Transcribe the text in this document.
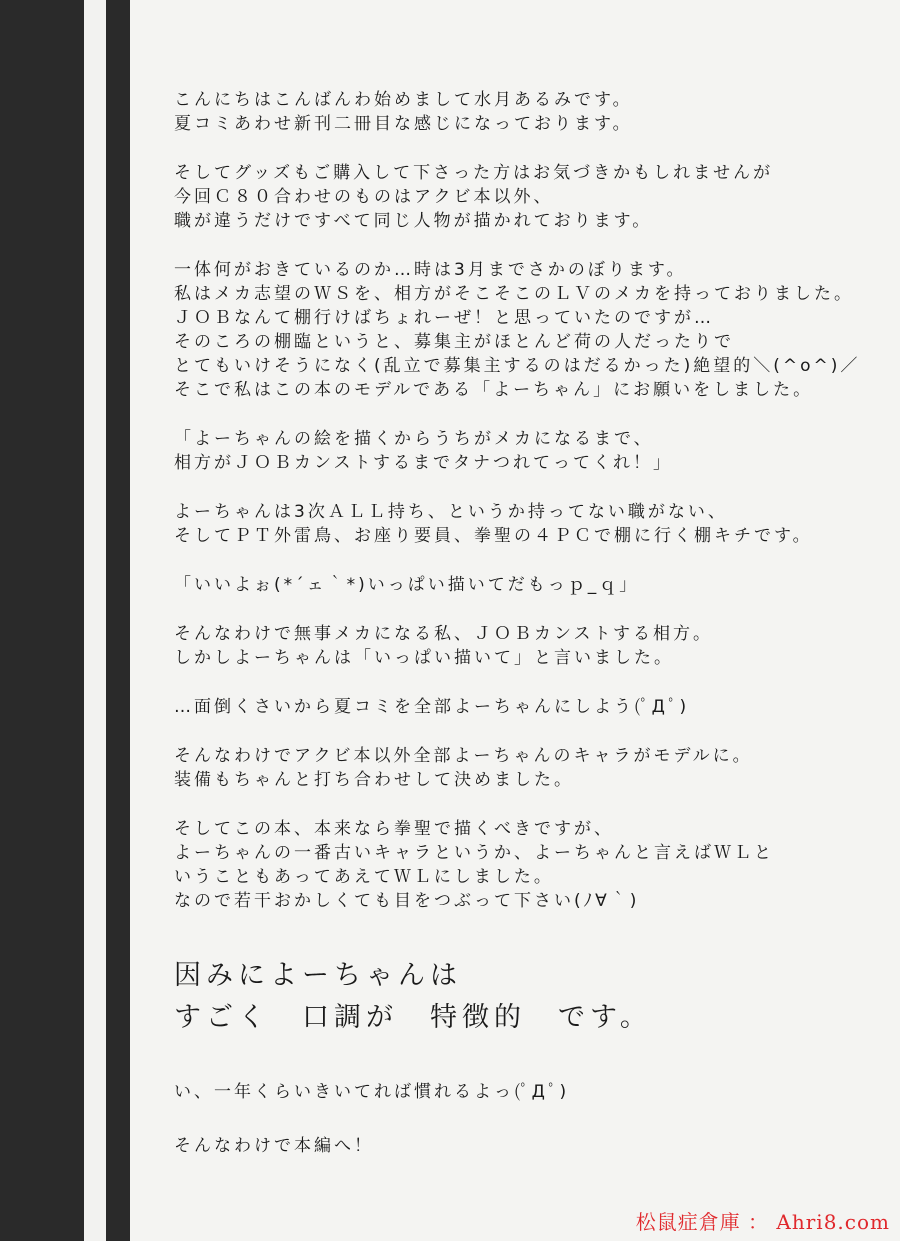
こんにちはこんばんわ始めまして水月あるみです。
夏コミあわせ新刊二冊目な感じになっております。
そしてグッズもご購入して下さった方はお気づきかもしれませんが
今回Ｃ８０合わせのものはアクビ本以外、
職が違うだけですべて同じ人物が描かれております。
一体何がおきているのか…時は3月までさかのぼります。
私はメカ志望のＷＳを、相方がそこそこのＬＶのメカを持っておりました。
ＪＯＢなんて棚行けばちょれーぜ！と思っていたのですが…
そのころの棚臨というと、募集主がほとんど荷の人だったりで
とてもいけそうになく(乱立で募集主するのはだるかった)絶望的＼(^o^)／
そこで私はこの本のモデルである「よーちゃん」にお願いをしました。
「よーちゃんの絵を描くからうちがメカになるまで、
相方がＪＯＢカンストするまでタナつれてってくれ！」
よーちゃんは3次ＡＬＬ持ち、というか持ってない職がない、
そしてＰＴ外雷鳥、お座り要員、拳聖の４ＰＣで棚に行く棚キチです。
「いいよぉ(*´ェ｀*)いっぱい描いてだもっｐ_ｑ」
そんなわけで無事メカになる私、ＪＯＢカンストする相方。
しかしよーちゃんは「いっぱい描いて」と言いました。
…面倒くさいから夏コミを全部よーちゃんにしよう(ﾟДﾟ)
そんなわけでアクビ本以外全部よーちゃんのキャラがモデルに。
装備もちゃんと打ち合わせして決めました。
そしてこの本、本来なら拳聖で描くべきですが、
よーちゃんの一番古いキャラというか、よーちゃんと言えばＷＬと
いうこともあってあえてＷＬにしました。
なので若干おかしくても目をつぶって下さい(ﾉ∀｀)
因みによーちゃんは
すごく　口調が　特徴的　です。
い、一年くらいきいてれば慣れるよっ(ﾟДﾟ)
そんなわけで本編へ！
松鼠症倉庫 ： Ahri8.com
